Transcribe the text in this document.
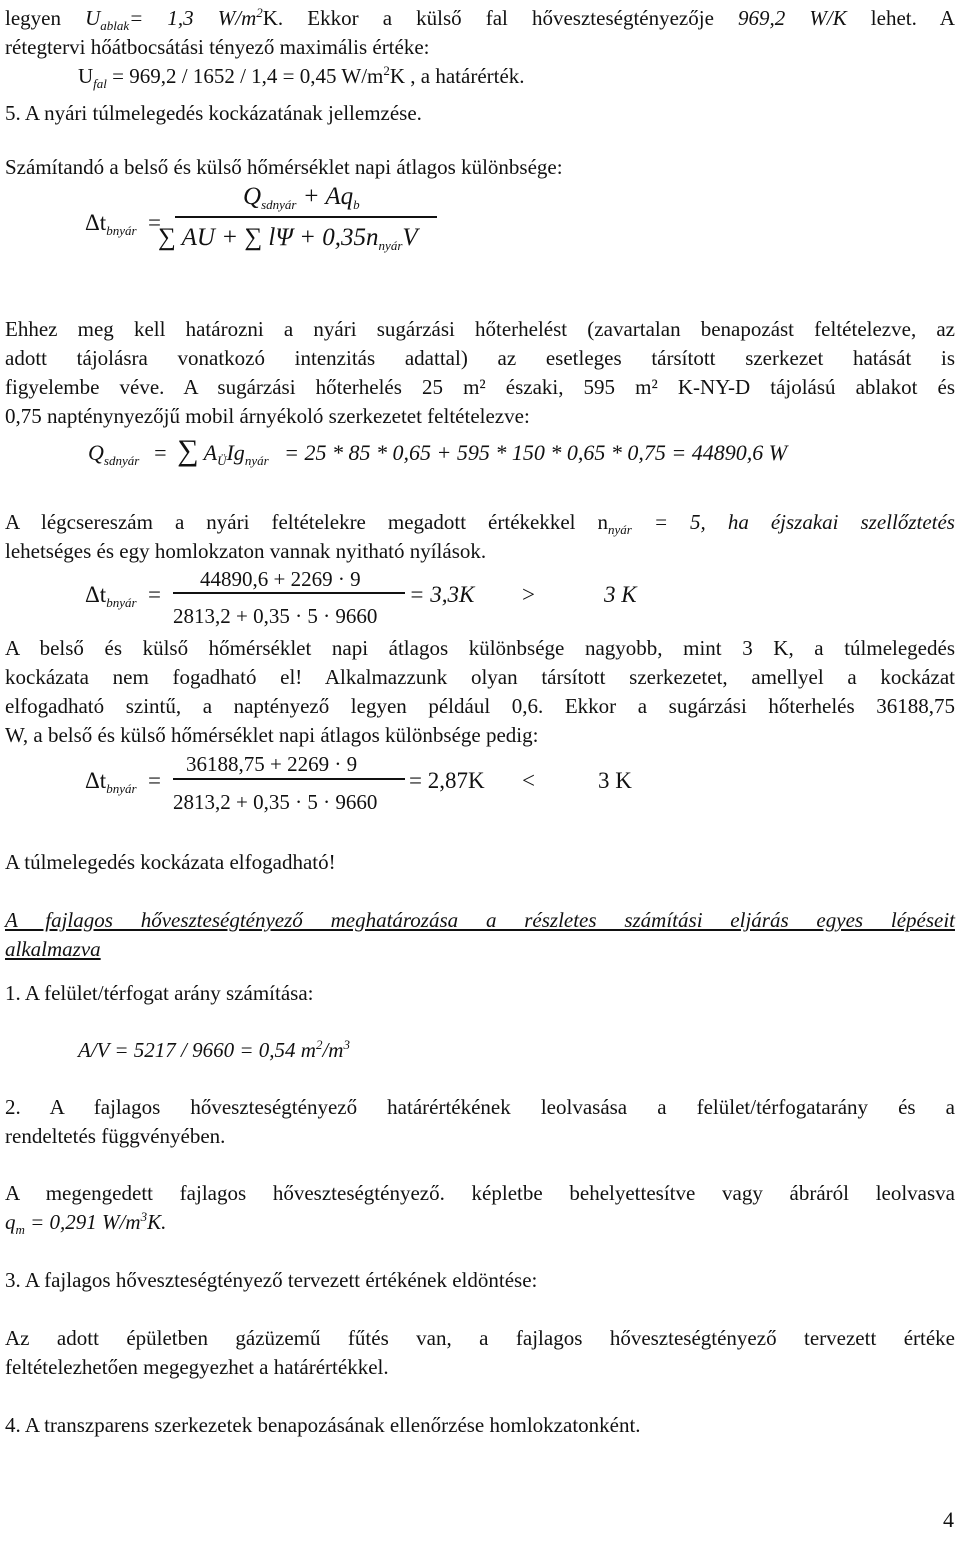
legyen $U_{ablak}= 1,3$ $W/m^2K$. Ekkor a külső fal hőveszteségtényezője 969,2 W/K lehet. A
rétegtervi hőátbocsátási tényező maximális értéke:
$U_{fal} = 969,2 / 1652 / 1,4 = 0,45$ $W/m^2K$ , a határérték.
5. A nyári túlmelegedés kockázatának jellemzése.
Számítandó a belső és külső hőmérséklet napi átlagos különbsége:
$\Delta t_{bnyár}$ =
$Q_{sdnyár} + Aq_b$
∑ AU + ∑ $l\Psi + 0,35n_{nyár}V$
Ehhez meg kell határozni a nyári sugárzási hőterhelést (zavartalan benapozást feltételezve, az
adott tájolásra vonatkozó intenzitás adattal) az esetleges társított szerkezet hatását is
figyelembe véve. A sugárzási hőterhelés 25 m² északi, 595 m² K-NY-D tájolású ablakot és
0,75 napténynyezőjű mobil árnyékoló szerkezetet feltételezve:
$Q_{sdnyár}$ = ∑ $A_ÜIg_{nyár} = 25 * 85 * 0,65 + 595 * 150 * 0,65 * 0,75 = 44890,6$ W
A légcsereszám a nyári feltételekre megadott értékekkel $n_{nyár} = 5$, ha éjszakai szellőztetés
lehetséges és egy homlokzaton vannak nyitható nyílások.
$\Delta t_{bnyár}$ =
44890,6 + 2269 · 9
2813,2 + 0,35 · 5 · 9660
= 3,3K >	3 K
A belső és külső hőmérséklet napi átlagos különbsége nagyobb, mint 3 K, a túlmelegedés
kockázata nem fogadható el! Alkalmazzunk olyan társított szerkezetet, amellyel a kockázat
elfogadható szintű, a naptényező legyen például 0,6. Ekkor a sugárzási hőterhelés 36188,75
W, a belső és külső hőmérséklet napi átlagos különbsége pedig:
$\Delta t_{bnyár}$ =
36188,75 + 2269 · 9
2813,2 + 0,35 · 5 · 9660
= 2,87K <	3 K
A túlmelegedés kockázata elfogadható!
A fajlagos hőveszteségtényező meghatározása a részletes számítási eljárás egyes lépéseit
alkalmazva
1. A felület/térfogat arány számítása:
A/V = 5217 / 9660 = 0,54 $m^2/m^3$
2. A fajlagos hőveszteségtényező határértékének leolvasása a felület/térfogatarány és a
rendeltetés függvényében.
A megengedett fajlagos hőveszteségtényező. képletbe behelyettesítve vagy ábráról leolvasva
$q_m = 0,291$ $W/m^3K$.
3. A fajlagos hőveszteségtényező tervezett értékének eldöntése:
Az adott épületben gázüzemű fűtés van, a fajlagos hőveszteségtényező tervezett értéke
feltételezhetően megegyezhet a határértékkel.
4. A transzparens szerkezetek benapozásának ellenőrzése homlokzatonként.
4
